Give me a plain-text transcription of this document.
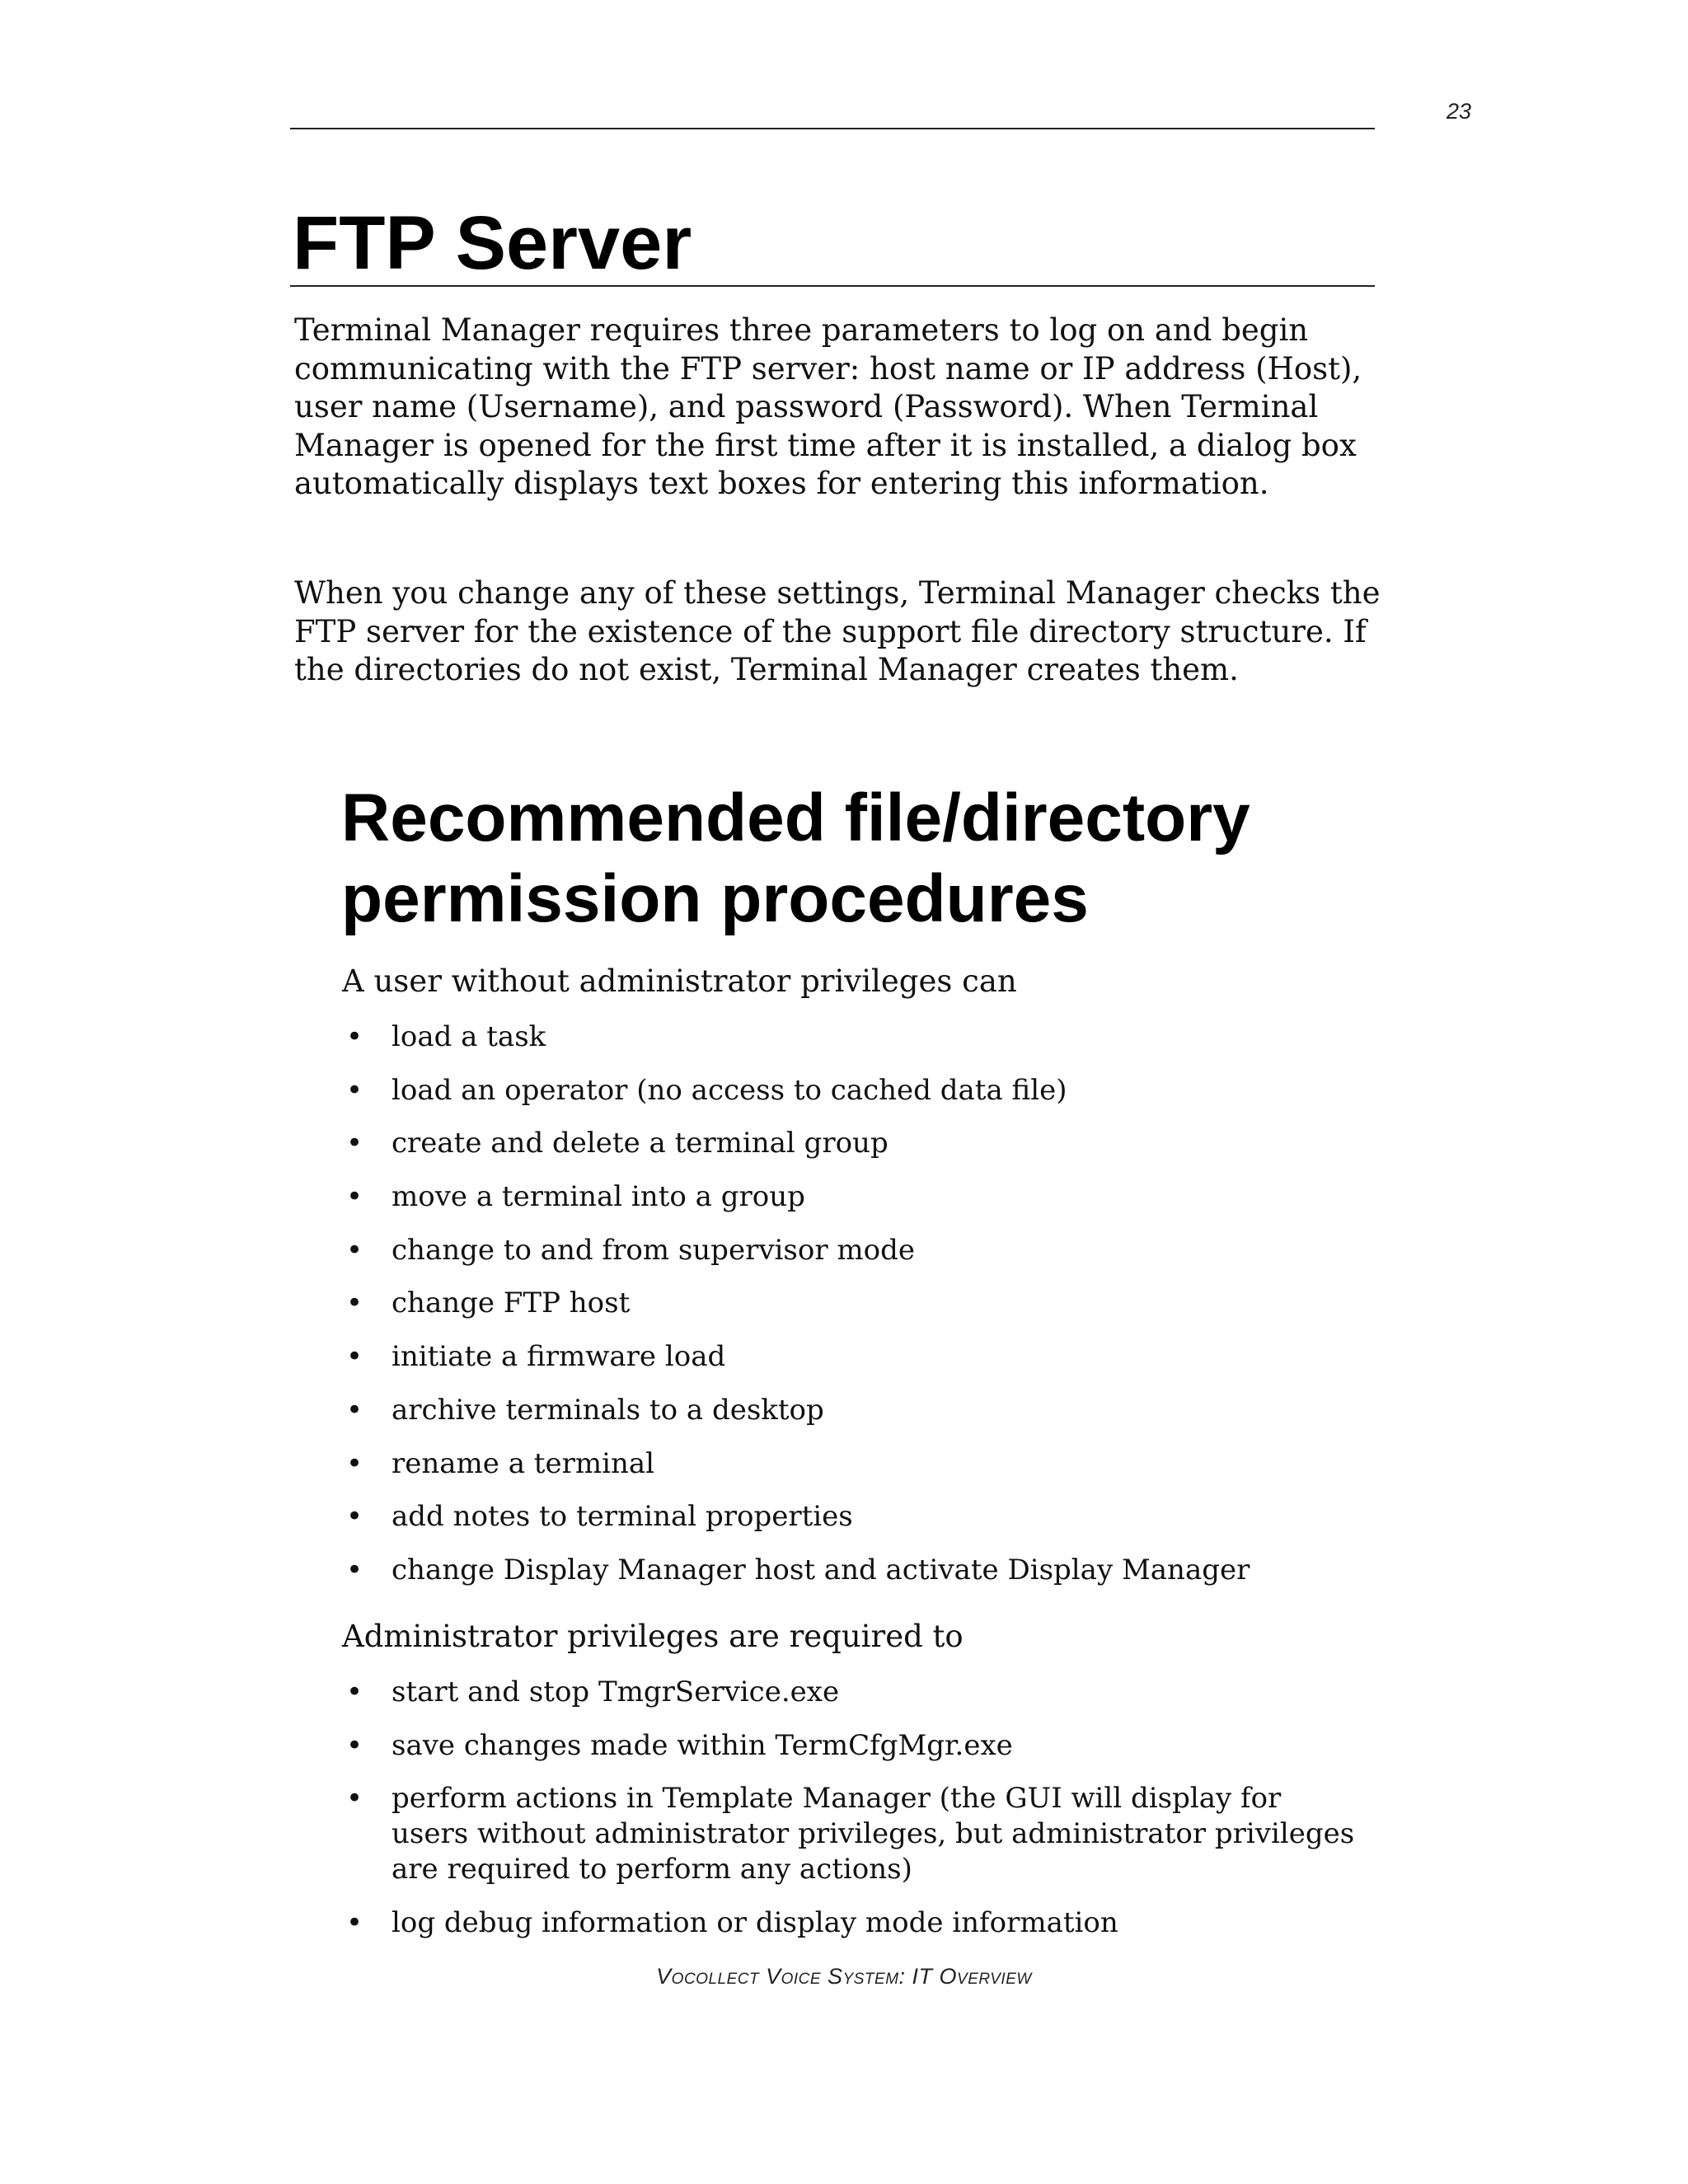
23
FTP Server

Terminal Manager requires three parameters to log on and begin communicating with the FTP server: host name or IP address (Host), user name (Username), and password (Password). When Terminal Manager is opened for the first time after it is installed, a dialog box automatically displays text boxes for entering this information.

When you change any of these settings, Terminal Manager checks the FTP server for the existence of the support file directory structure. If the directories do not exist, Terminal Manager creates them.

Recommended file/directory permission procedures

A user without administrator privileges can

• load a task
• load an operator (no access to cached data file)
• create and delete a terminal group
• move a terminal into a group
• change to and from supervisor mode
• change FTP host
• initiate a firmware load
• archive terminals to a desktop
• rename a terminal
• add notes to terminal properties
• change Display Manager host and activate Display Manager

Administrator privileges are required to

• start and stop TmgrService.exe
• save changes made within TermCfgMgr.exe
• perform actions in Template Manager (the GUI will display for users without administrator privileges, but administrator privileges are required to perform any actions)
• log debug information or display mode information
Vocollect Voice System: IT Overview
